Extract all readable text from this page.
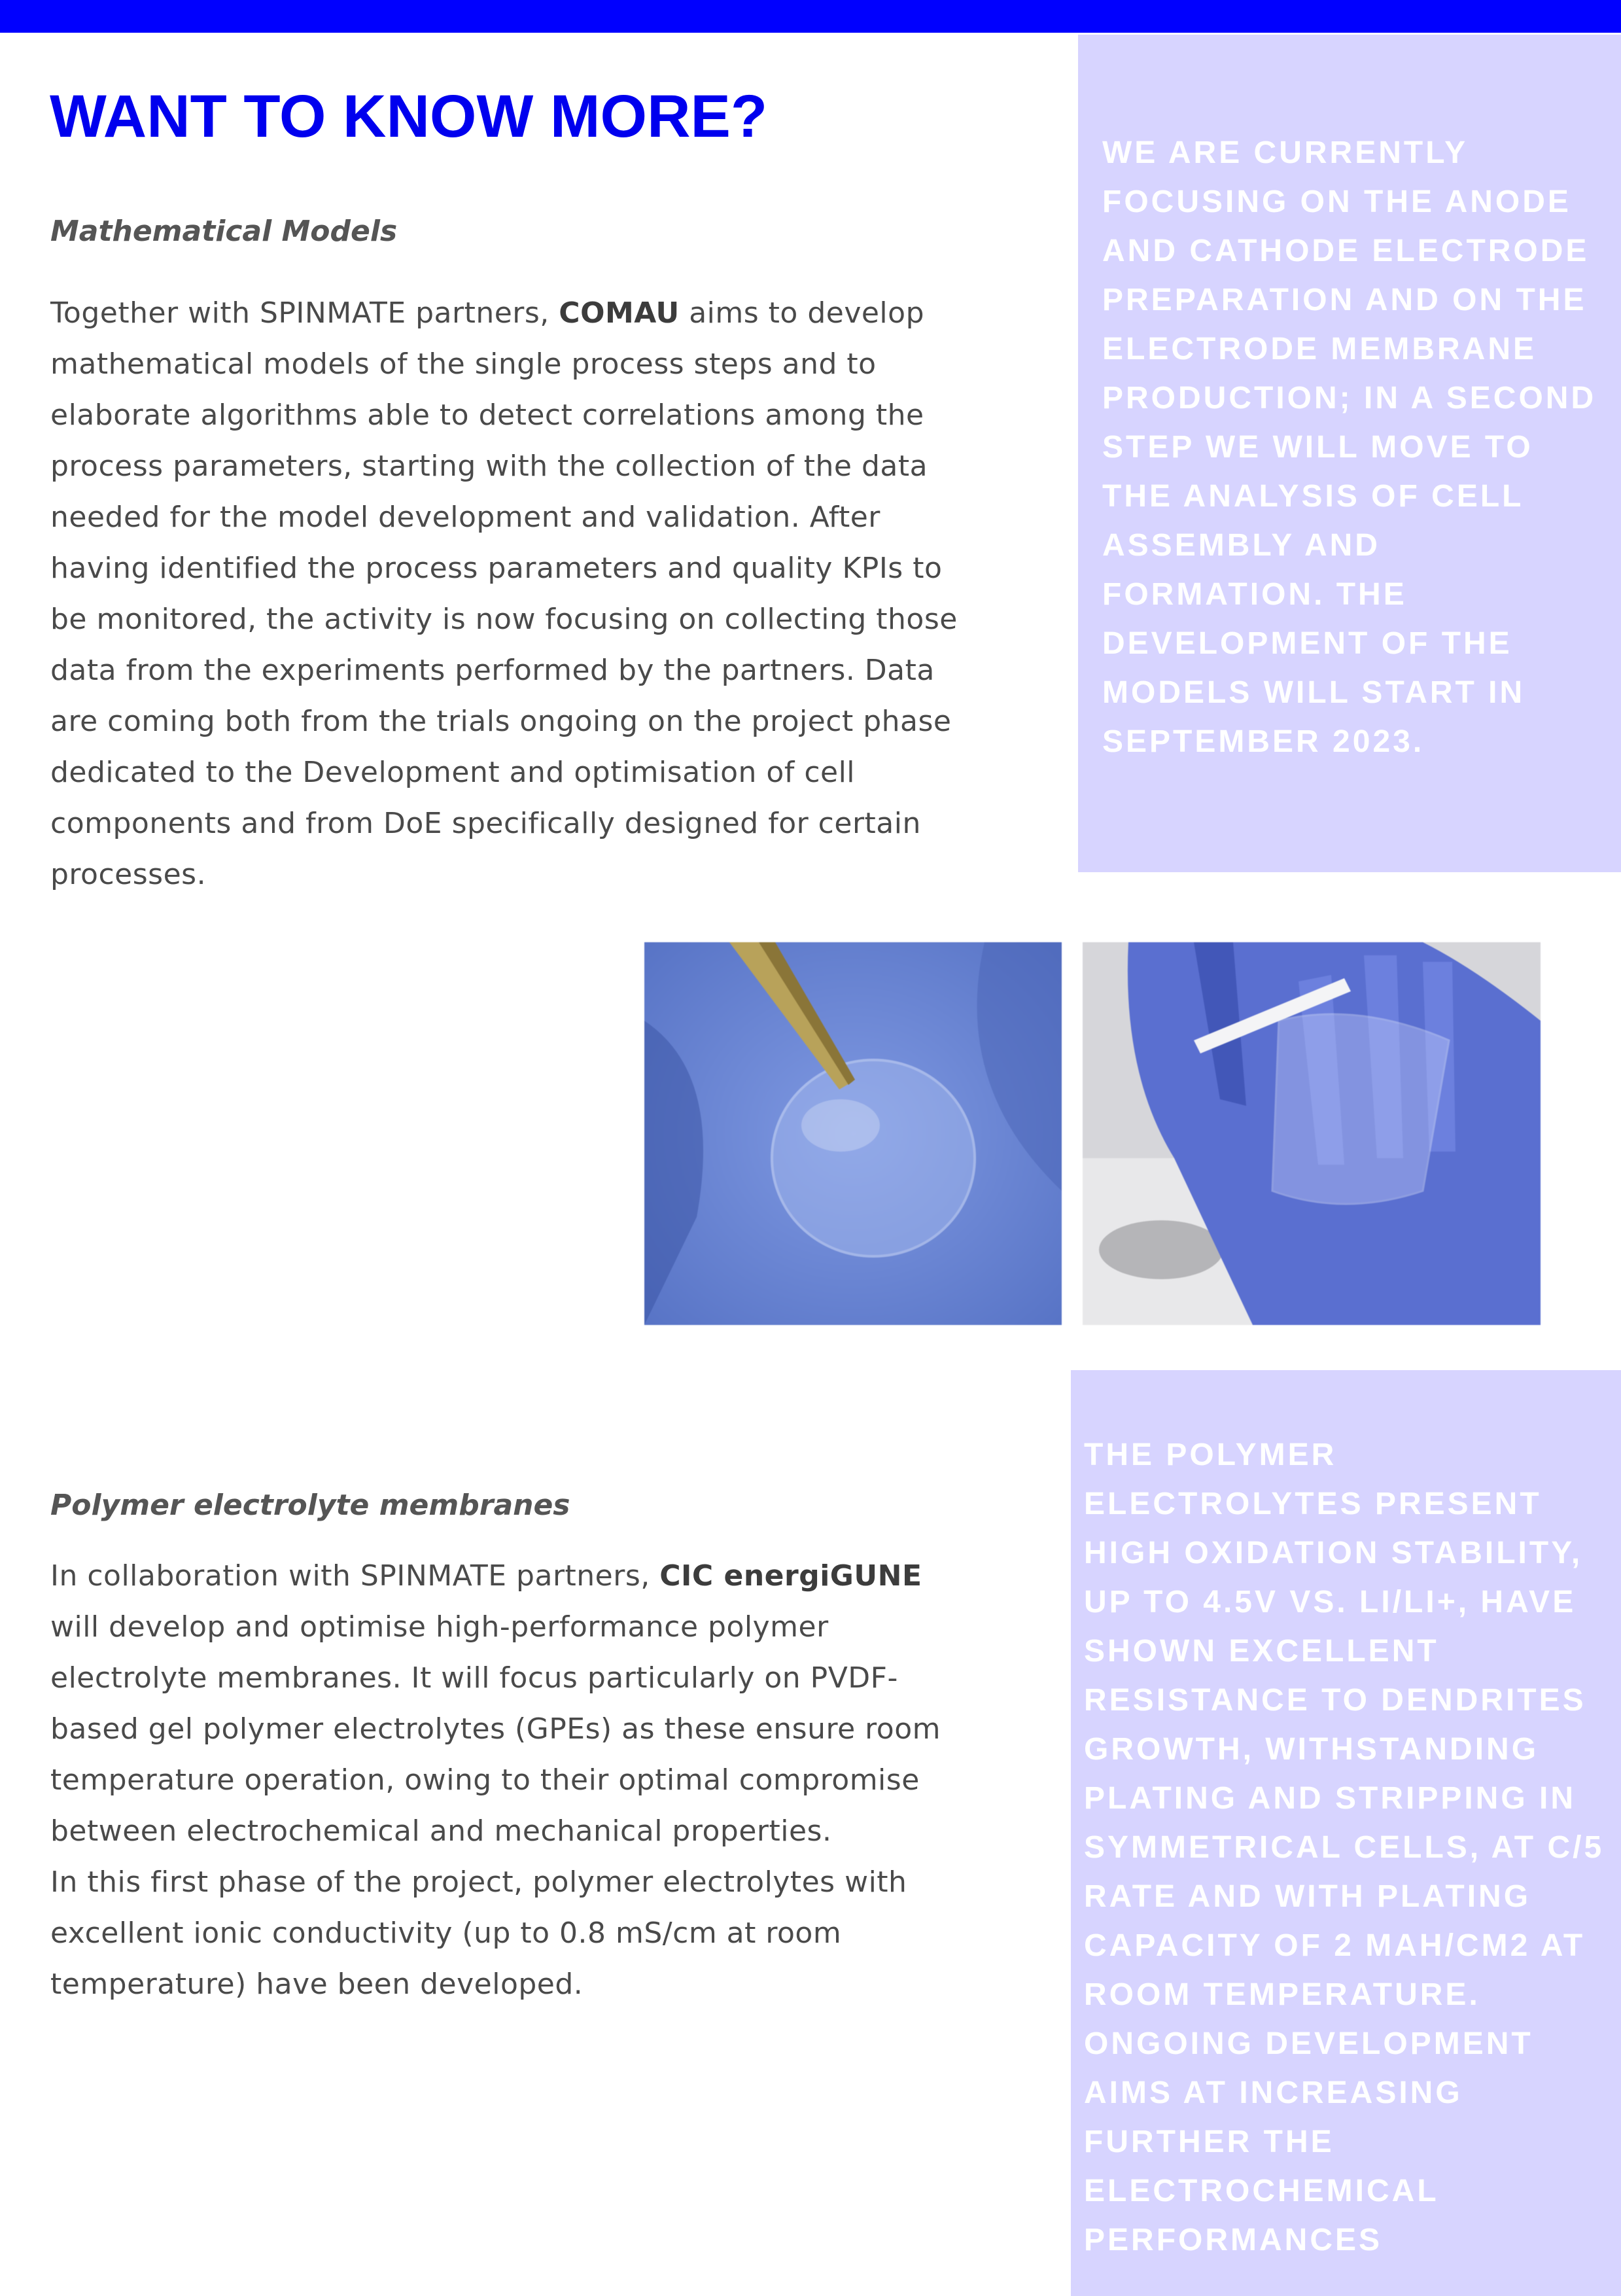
WANT TO KNOW MORE?
Mathematical Models

Together with SPINMATE partners, COMAU aims to develop mathematical models of the single process steps and to elaborate algorithms able to detect correlations among the process parameters, starting with the collection of the data needed for the model development and validation. After having identified the process parameters and quality KPIs to be monitored, the activity is now focusing on collecting those data from the experiments performed by the partners. Data are coming both from the trials ongoing on the project phase dedicated to the Development and optimisation of cell components and from DoE specifically designed for certain processes.

WE ARE CURRENTLY FOCUSING ON THE ANODE AND CATHODE ELECTRODE PREPARATION AND ON THE ELECTRODE MEMBRANE PRODUCTION; IN A SECOND STEP WE WILL MOVE TO THE ANALYSIS OF CELL ASSEMBLY AND FORMATION. THE DEVELOPMENT OF THE MODELS WILL START IN SEPTEMBER 2023.

Polymer electrolyte membranes

In collaboration with SPINMATE partners, CIC energiGUNE will develop and optimise high-performance polymer electrolyte membranes. It will focus particularly on PVDF-based gel polymer electrolytes (GPEs) as these ensure room temperature operation, owing to their optimal compromise between electrochemical and mechanical properties.

In this first phase of the project, polymer electrolytes with excellent ionic conductivity (up to 0.8 mS/cm at room temperature) have been developed.

THE POLYMER ELECTROLYTES PRESENT HIGH OXIDATION STABILITY, UP TO 4.5V VS. LI/LI+, HAVE SHOWN EXCELLENT RESISTANCE TO DENDRITES GROWTH, WITHSTANDING PLATING AND STRIPPING IN SYMMETRICAL CELLS, AT C/5 RATE AND WITH PLATING CAPACITY OF 2 MAH/CM2 AT ROOM TEMPERATURE. ONGOING DEVELOPMENT AIMS AT INCREASING FURTHER THE ELECTROCHEMICAL PERFORMANCES
